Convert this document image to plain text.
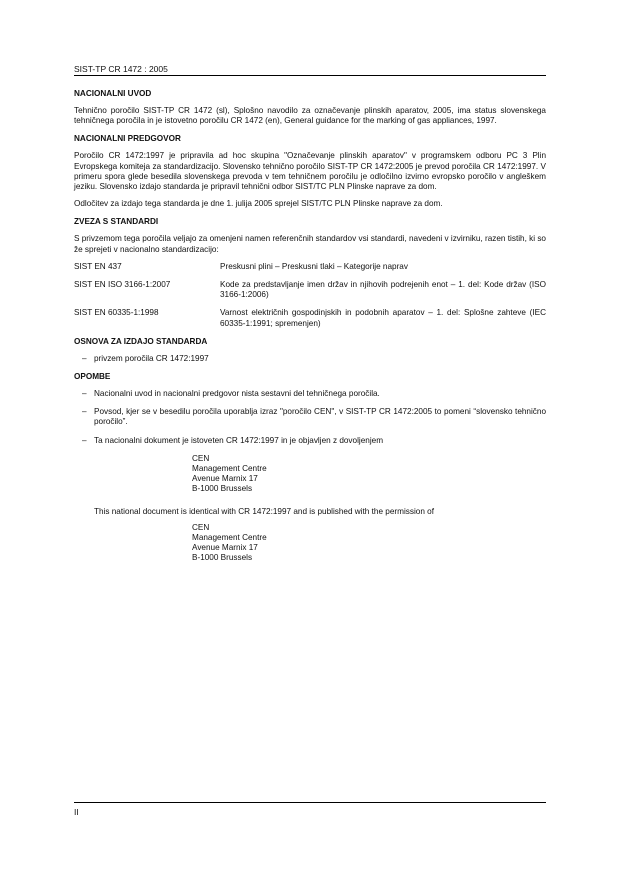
SIST-TP CR 1472 : 2005
NACIONALNI UVOD

Tehnično poročilo SIST-TP CR 1472 (sl), Splošno navodilo za označevanje plinskih aparatov, 2005, ima status slovenskega tehničnega poročila in je istovetno poročilu CR 1472 (en), General guidance for the marking of gas appliances, 1997.

NACIONALNI PREDGOVOR

Poročilo CR 1472:1997 je pripravila ad hoc skupina "Označevanje plinskih aparatov" v programskem odboru PC 3 Plin Evropskega komiteja za standardizacijo. Slovensko tehnično poročilo SIST-TP CR 1472:2005 je prevod poročila CR 1472:1997. V primeru spora glede besedila slovenskega prevoda v tem tehničnem poročilu je odločilno izvirno evropsko poročilo v angleškem jeziku. Slovensko izdajo standarda je pripravil tehnični odbor SIST/TC PLN Plinske naprave za dom.

Odločitev za izdajo tega standarda je dne 1. julija 2005 sprejel SIST/TC PLN Plinske naprave za dom.

ZVEZA S STANDARDI

S privzemom tega poročila veljajo za omenjeni namen referenčnih standardov vsi standardi, navedeni v izvirniku, razen tistih, ki so že sprejeti v nacionalno standardizacijo:

SIST EN 437	Preskusni plini – Preskusni tlaki – Kategorije naprav
SIST EN ISO 3166-1:2007	Kode za predstavljanje imen držav in njihovih podrejenih enot – 1. del: Kode držav (ISO 3166-1:2006)
SIST EN 60335-1:1998	Varnost električnih gospodinjskih in podobnih aparatov – 1. del: Splošne zahteve (IEC 60335-1:1991; spremenjen)
OSNOVA ZA IZDAJO STANDARDA
– privzem poročila CR 1472:1997
OPOMBE
– Nacionalni uvod in nacionalni predgovor nista sestavni del tehničnega poročila.
– Povsod, kjer se v besedilu poročila uporablja izraz "poročilo CEN", v SIST-TP CR 1472:2005 to pomeni “slovensko tehnično poročilo”.
– Ta nacionalni dokument je istoveten CR 1472:1997 in je objavljen z dovoljenjem
CEN
Management Centre
Avenue Marnix 17
B-1000 Brussels

This national document is identical with CR 1472:1997 and is published with the permission of

CEN
Management Centre
Avenue Marnix 17
B-1000 Brussels
II
